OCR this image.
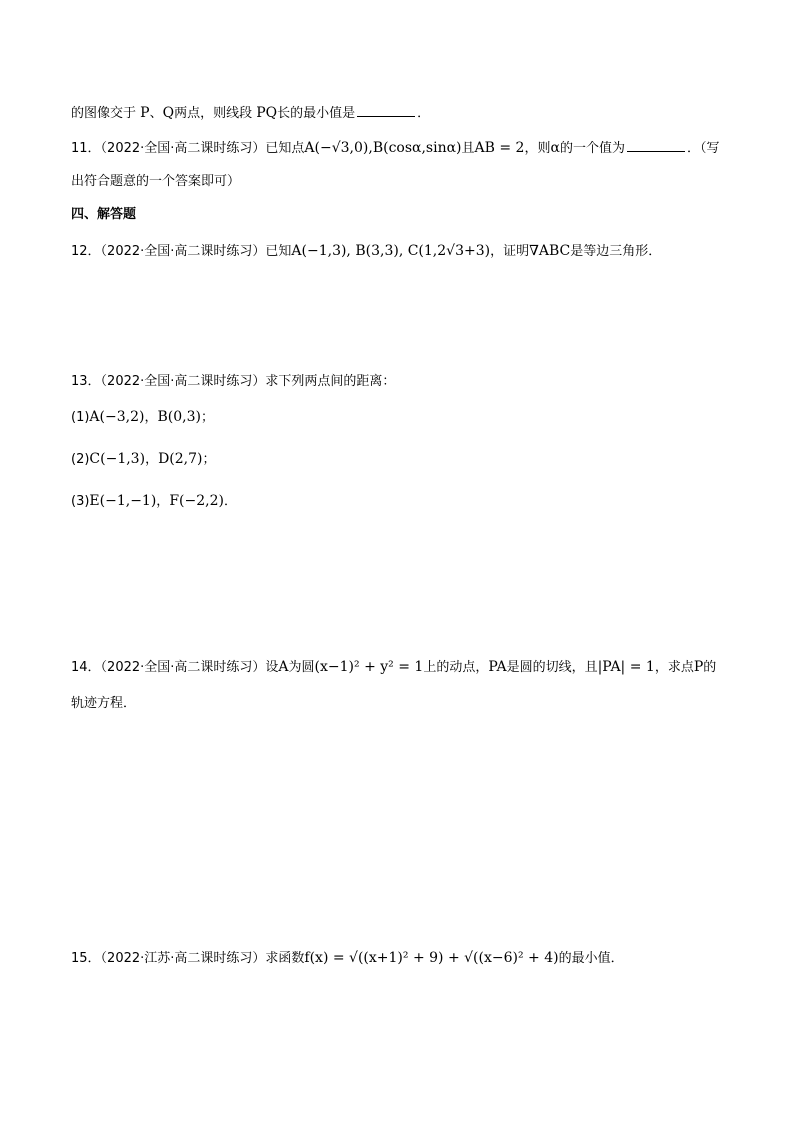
的图像交于 P、Q两点，则线段 PQ长的最小值是	．
11．（2022·全国·高二课时练习）已知点A(−√3,0),B(cosα,sinα)且AB = 2，则α的一个值为	．（写
出符合题意的一个答案即可）
四、解答题
12．（2022·全国·高二课时练习）已知A(−1,3), B(3,3), C(1,2√3+3)，证明∇ABC是等边三角形．
13．（2022·全国·高二课时练习）求下列两点间的距离：
(1)A(−3,2)，B(0,3)；
(2)C(−1,3)，D(2,7)；
(3)E(−1,−1)，F(−2,2)．
14．（2022·全国·高二课时练习）设A为圆(x−1)² + y² = 1上的动点，PA是圆的切线，且|PA| = 1，求点P的
轨迹方程．
15．（2022·江苏·高二课时练习）求函数f(x) = √((x+1)² + 9) + √((x−6)² + 4)的最小值．
